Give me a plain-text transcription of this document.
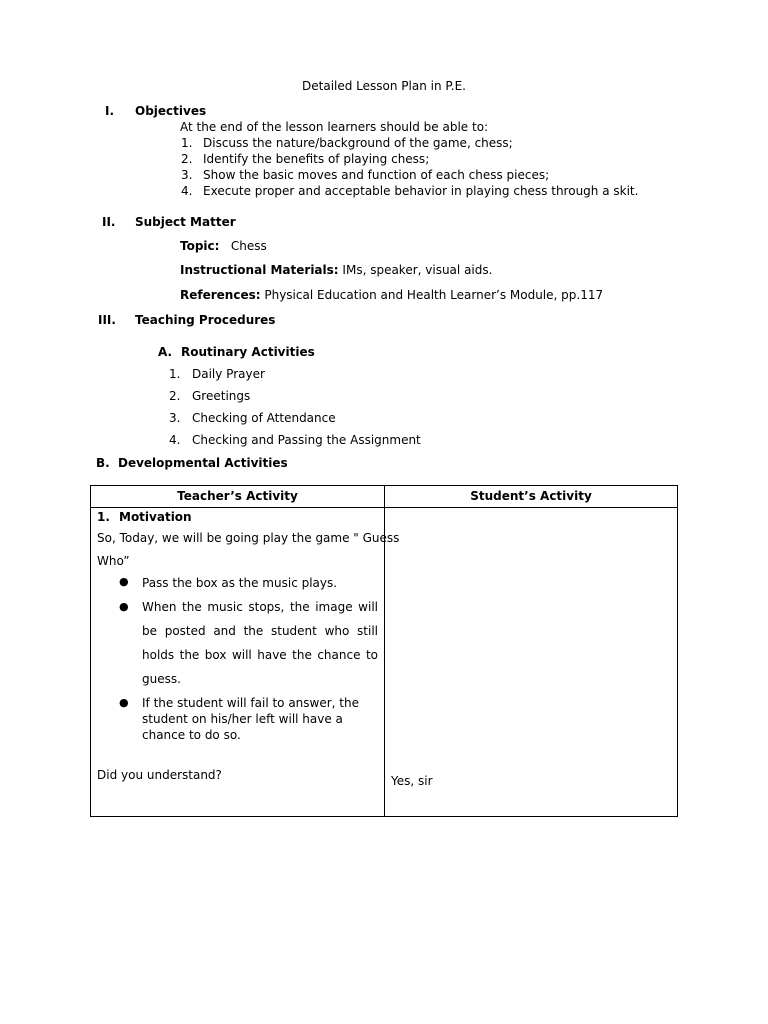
Detailed Lesson Plan in P.E.
I. Objectives
At the end of the lesson learners should be able to:
1. Discuss the nature/background of the game, chess;
2. Identify the benefits of playing chess;
3. Show the basic moves and function of each chess pieces;
4. Execute proper and acceptable behavior in playing chess through a skit.
II. Subject Matter
Topic: Chess
Instructional Materials: IMs, speaker, visual aids.
References: Physical Education and Health Learner’s Module, pp.117
III. Teaching Procedures
A. Routinary Activities
1. Daily Prayer
2. Greetings
3. Checking of Attendance
4. Checking and Passing the Assignment
B. Developmental Activities
Teacher’s Activity	Student’s Activity
1. Motivation
So, Today, we will be going play the game " Guess
Who”
● Pass the box as the music plays.
● When the music stops, the image will
be posted and the student who still
holds the box will have the chance to
guess.
● If the student will fail to answer, the
student on his/her left will have a
chance to do so.
Did you understand?	Yes, sir
